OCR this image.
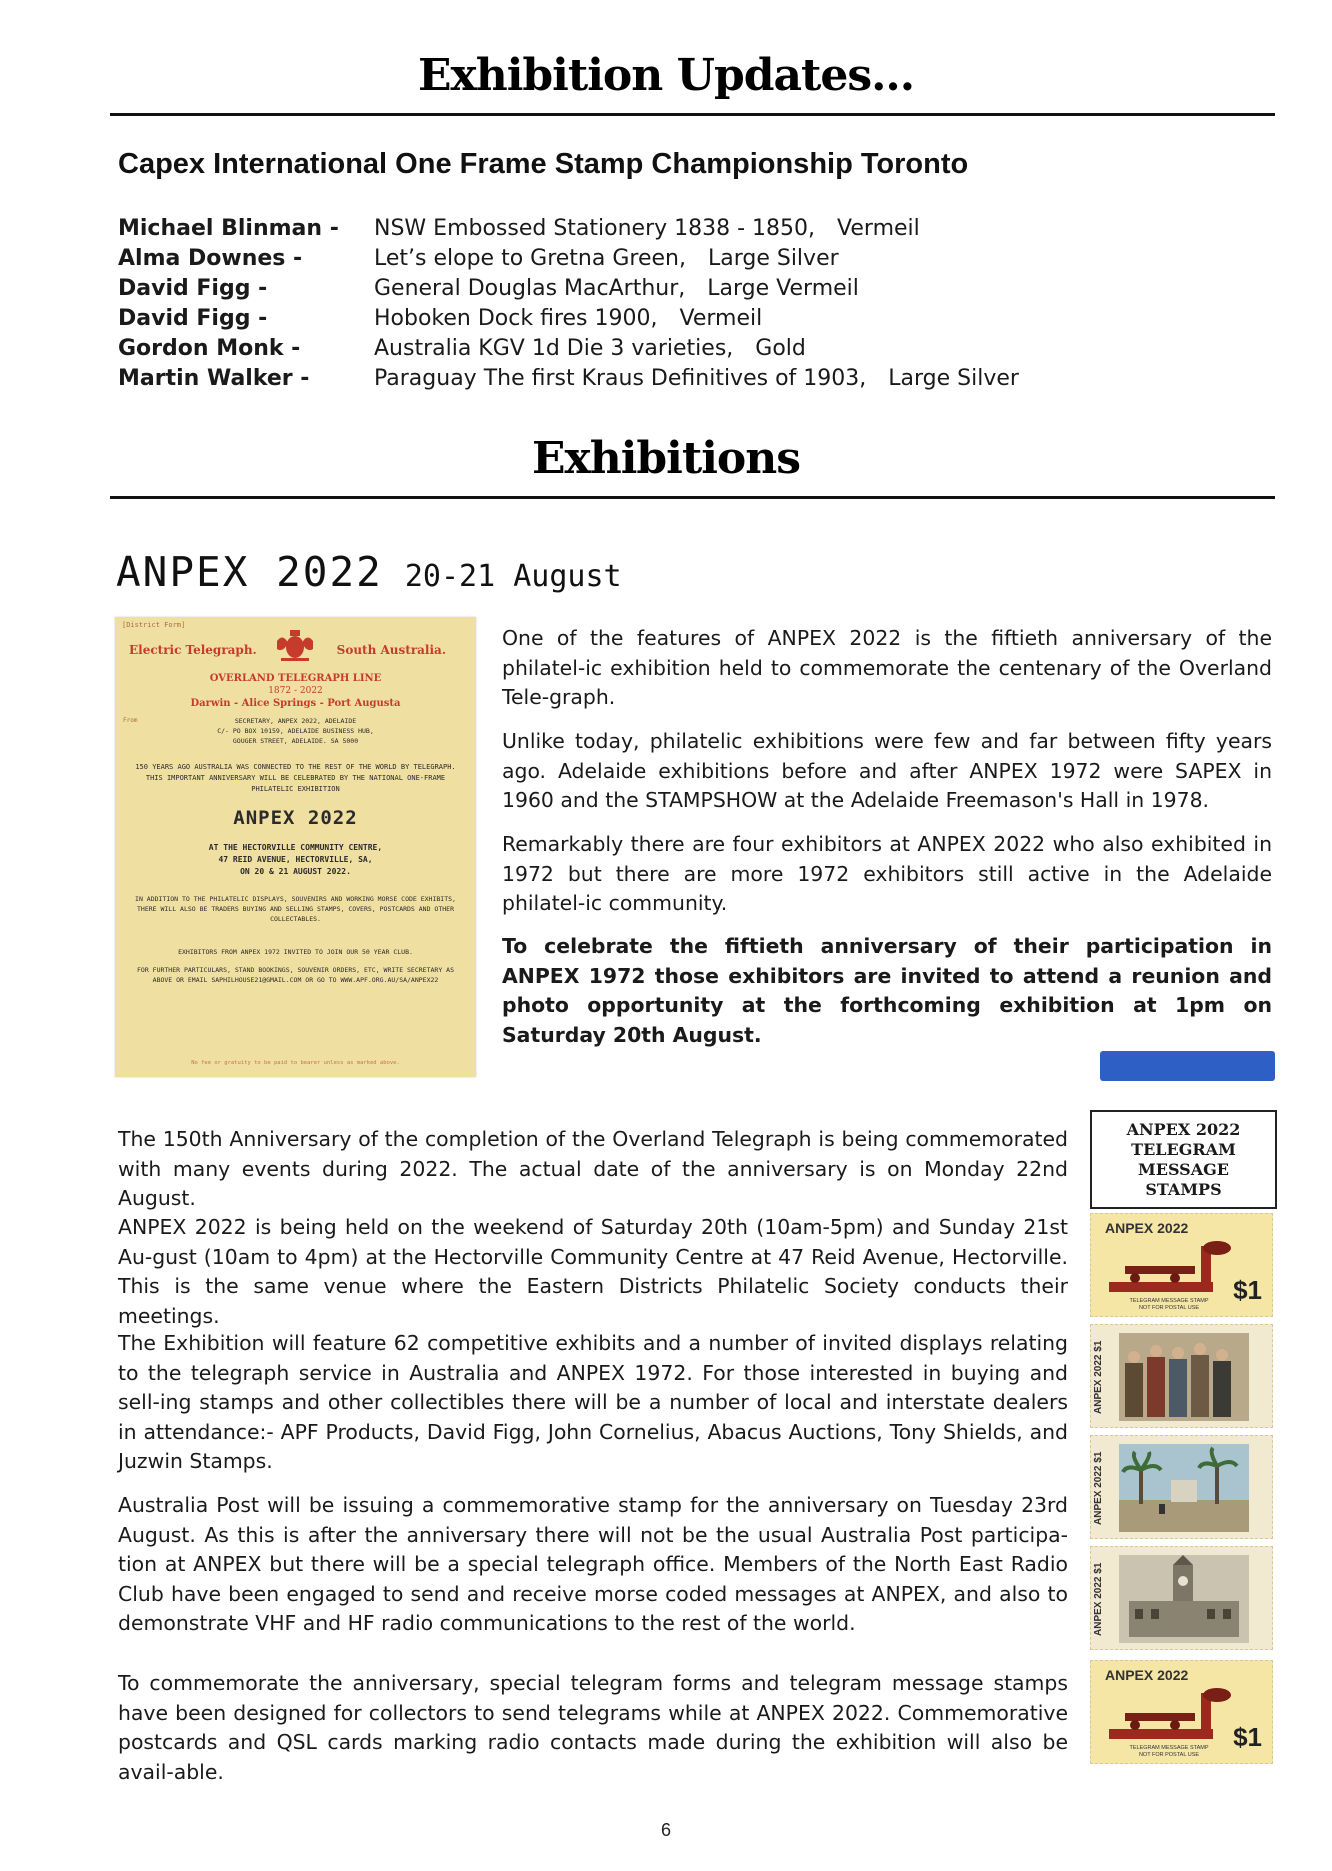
Exhibition Updates...
Capex International One Frame Stamp Championship Toronto
Michael Blinman -	NSW Embossed Stationery 1838 - 1850, Vermeil
Alma Downes -	Let’s elope to Gretna Green, Large Silver
David Figg -	General Douglas MacArthur, Large Vermeil
David Figg -	Hoboken Dock fires 1900, Vermeil
Gordon Monk -	Australia KGV 1d Die 3 varieties, Gold
Martin Walker -	Paraguay The first Kraus Definitives of 1903, Large Silver
Exhibitions
ANPEX 2022 20-21 August
[District Form]
Electric Telegraph.	South Australia.
OVERLAND TELEGRAPH LINE
1872 - 2022
Darwin - Alice Springs - Port Augusta
From	SECRETARY, ANPEX 2022, ADELAIDE
C/- PO BOX 10159, ADELAIDE BUSINESS HUB,
GOUGER STREET, ADELAIDE. SA 5000
150 YEARS AGO AUSTRALIA WAS CONNECTED TO THE REST OF THE WORLD BY TELEGRAPH. THIS IMPORTANT ANNIVERSARY WILL BE CELEBRATED BY THE NATIONAL ONE-FRAME PHILATELIC EXHIBITION
ANPEX 2022
AT THE HECTORVILLE COMMUNITY CENTRE,
47 REID AVENUE, HECTORVILLE, SA,
ON 20 & 21 AUGUST 2022.
IN ADDITION TO THE PHILATELIC DISPLAYS, SOUVENIRS AND WORKING MORSE CODE EXHIBITS, THERE WILL ALSO BE TRADERS BUYING AND SELLING STAMPS, COVERS, POSTCARDS AND OTHER COLLECTABLES.
EXHIBITORS FROM ANPEX 1972 INVITED TO JOIN OUR 50 YEAR CLUB.
FOR FURTHER PARTICULARS, STAND BOOKINGS, SOUVENIR ORDERS, ETC, WRITE SECRETARY AS ABOVE OR EMAIL SAPHILHOUSE21@GMAIL.COM OR GO TO WWW.APF.ORG.AU/SA/ANPEX22
No fee or gratuity to be paid to bearer unless as marked above.
One of the features of ANPEX 2022 is the fiftieth anniversary of the philatel-ic exhibition held to commemorate the centenary of the Overland Tele-graph.
Unlike today, philatelic exhibitions were few and far between fifty years ago. Adelaide exhibitions before and after ANPEX 1972 were SAPEX in 1960 and the STAMPSHOW at the Adelaide Freemason's Hall in 1978.
Remarkably there are four exhibitors at ANPEX 2022 who also exhibited in 1972 but there are more 1972 exhibitors still active in the Adelaide philatel-ic community.
To celebrate the fiftieth anniversary of their participation in ANPEX 1972 those exhibitors are invited to attend a reunion and photo opportunity at the forthcoming exhibition at 1pm on Saturday 20th August.
The 150th Anniversary of the completion of the Overland Telegraph is being commemorated with many events during 2022. The actual date of the anniversary is on Monday 22nd August.
ANPEX 2022 is being held on the weekend of Saturday 20th (10am-5pm) and Sunday 21st Au-gust (10am to 4pm) at the Hectorville Community Centre at 47 Reid Avenue, Hectorville. This is the same venue where the Eastern Districts Philatelic Society conducts their meetings.
The Exhibition will feature 62 competitive exhibits and a number of invited displays relating to the telegraph service in Australia and ANPEX 1972. For those interested in buying and sell-ing stamps and other collectibles there will be a number of local and interstate dealers in attendance:- APF Products, David Figg, John Cornelius, Abacus Auctions, Tony Shields, and Juzwin Stamps.
Australia Post will be issuing a commemorative stamp for the anniversary on Tuesday 23rd August. As this is after the anniversary there will not be the usual Australia Post participa-tion at ANPEX but there will be a special telegraph office. Members of the North East Radio Club have been engaged to send and receive morse coded messages at ANPEX, and also to demonstrate VHF and HF radio communications to the rest of the world.
To commemorate the anniversary, special telegram forms and telegram message stamps have been designed for collectors to send telegrams while at ANPEX 2022. Commemorative postcards and QSL cards marking radio contacts made during the exhibition will also be avail-able.
ANPEX 2022
TELEGRAM
MESSAGE
STAMPS
ANPEX 2022
$1
TELEGRAM MESSAGE STAMP
NOT FOR POSTAL USE
ANPEX 2022 $1
ANPEX 2022 $1
ANPEX 2022 $1
ANPEX 2022
$1
TELEGRAM MESSAGE STAMP
NOT FOR POSTAL USE
6
